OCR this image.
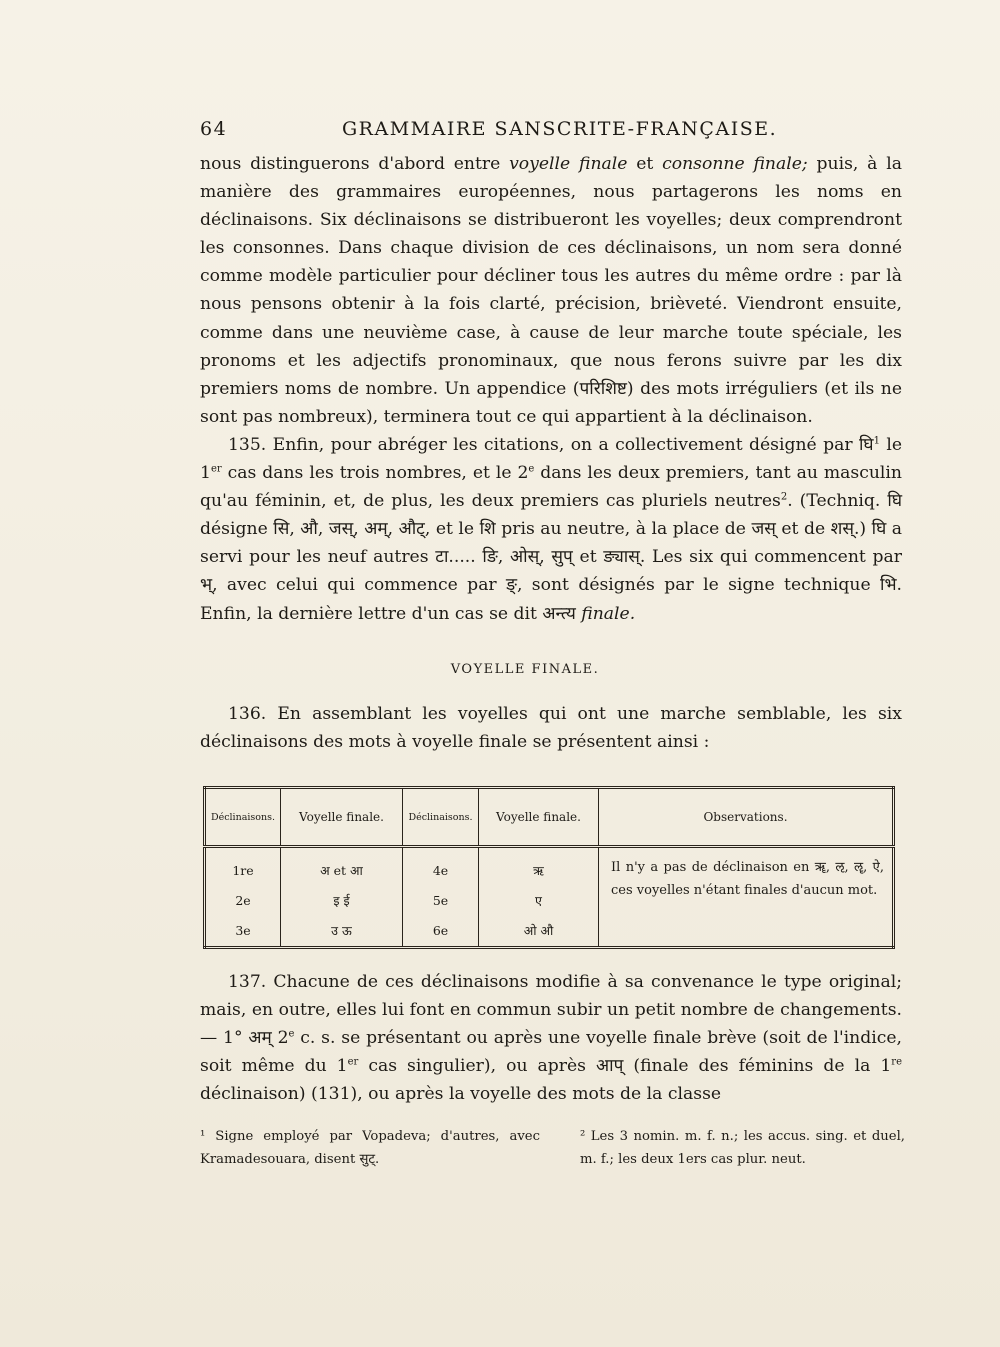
64	GRAMMAIRE SANSCRITE-FRANÇAISE.

nous distinguerons d'abord entre voyelle finale et consonne finale; puis, à la manière des grammaires européennes, nous partagerons les noms en déclinaisons. Six déclinaisons se distribueront les voyelles; deux comprendront les consonnes. Dans chaque division de ces déclinaisons, un nom sera donné comme modèle particulier pour décliner tous les autres du même ordre : par là nous pensons obtenir à la fois clarté, précision, brièveté. Viendront ensuite, comme dans une neuvième case, à cause de leur marche toute spéciale, les pronoms et les adjectifs pronominaux, que nous ferons suivre par les dix premiers noms de nombre. Un appendice (परिशिष्ट) des mots irréguliers (et ils ne sont pas nombreux), terminera tout ce qui appartient à la déclinaison.

135. Enfin, pour abréger les citations, on a collectivement désigné par घि$^1$ le 1er cas dans les trois nombres, et le 2e dans les deux premiers, tant au masculin qu'au féminin, et, de plus, les deux premiers cas pluriels neutres$^2$. (Techniq. घि désigne सि, औ, जस्, अम्, औट्, et le शि pris au neutre, à la place de जस् et de शस्.) घि a servi pour les neuf autres टा..... ङि, ओस्, सुप् et ङ्यास्. Les six qui commencent par भ्, avec celui qui commence par ङ्, sont désignés par le signe technique भि. Enfin, la dernière lettre d'un cas se dit अन्त्य finale.

VOYELLE FINALE.

136. En assemblant les voyelles qui ont une marche semblable, les six déclinaisons des mots à voyelle finale se présentent ainsi :

Déclinaisons.	Voyelle finale.	Déclinaisons.	Voyelle finale.	Observations.
1re	अ et आ	4e	ऋ	Il n'y a pas de déclinaison en ॠ, ऌ, ॡ, ऐ, ces voyelles n'étant finales d'aucun mot.
2e	इ ई	5e	ए	
3e	उ ऊ	6e	ओ औ	

137. Chacune de ces déclinaisons modifie à sa convenance le type original; mais, en outre, elles lui font en commun subir un petit nombre de changements. — 1° अम् 2e c. s. se présentant ou après une voyelle finale brève (soit de l'indice, soit même du 1er cas singulier), ou après आप् (finale des féminins de la 1re déclinaison) (131), ou après la voyelle des mots de la classe

¹ Signe employé par Vopadeva; d'autres, avec Kramadesouara, disent सुट्.
² Les 3 nomin. m. f. n.; les accus. sing. et duel, m. f.; les deux 1ers cas plur. neut.
